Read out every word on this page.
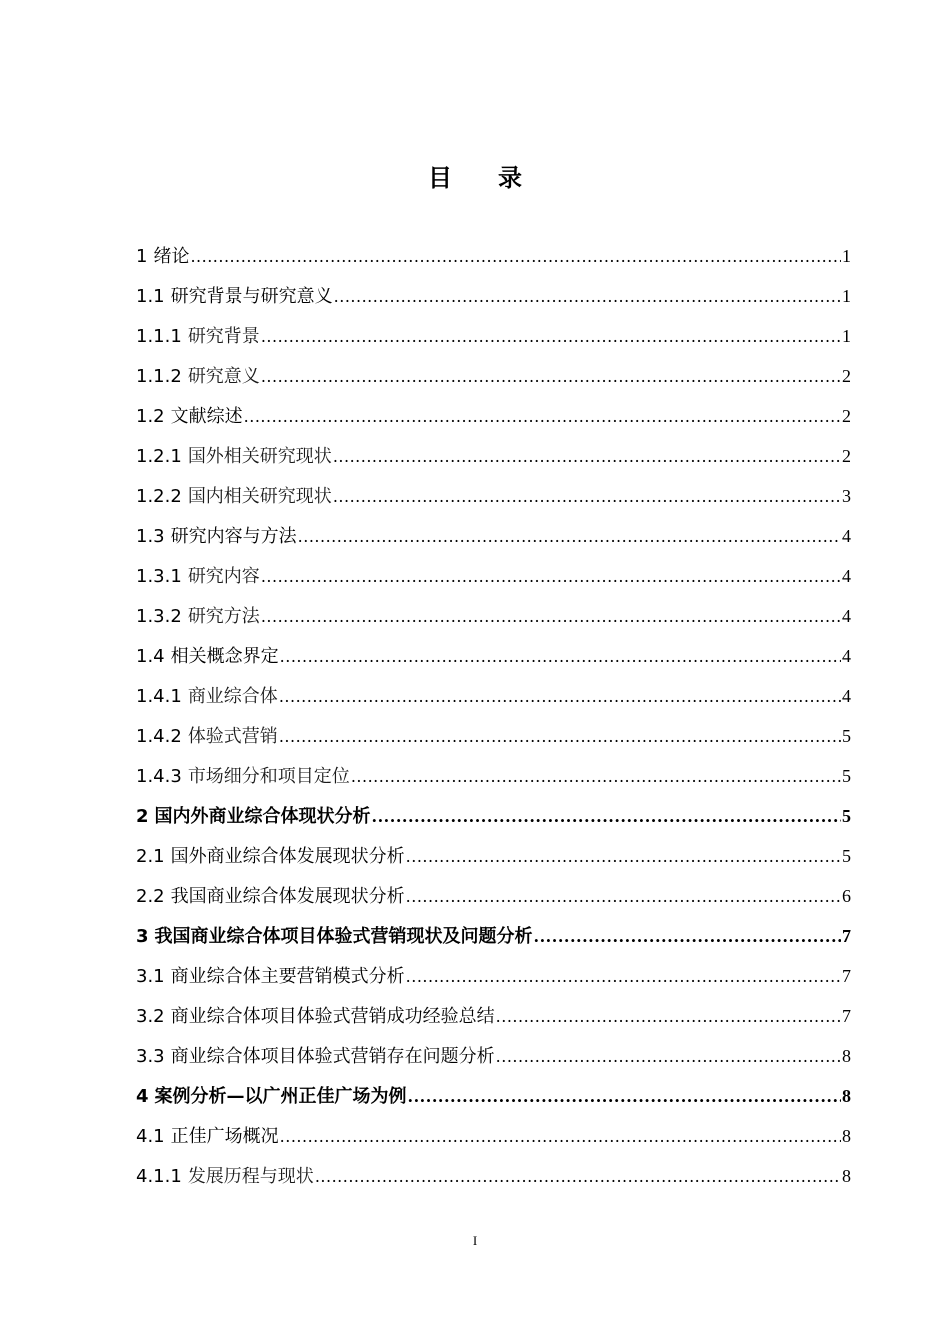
目 录
1 绪论 .....	1
1.1 研究背景与研究意义 .....	1
1.1.1 研究背景 .....	1
1.1.2 研究意义 .....	2
1.2 文献综述 .....	2
1.2.1 国外相关研究现状 .....	2
1.2.2 国内相关研究现状 .....	3
1.3 研究内容与方法 .....	4
1.3.1 研究内容 .....	4
1.3.2 研究方法 .....	4
1.4 相关概念界定 .....	4
1.4.1 商业综合体 .....	4
1.4.2 体验式营销 .....	5
1.4.3 市场细分和项目定位 .....	5
2 国内外商业综合体现状分析 .....	5
2.1 国外商业综合体发展现状分析 .....	5
2.2 我国商业综合体发展现状分析 .....	6
3 我国商业综合体项目体验式营销现状及问题分析 .....	7
3.1 商业综合体主要营销模式分析 .....	7
3.2 商业综合体项目体验式营销成功经验总结 .....	7
3.3 商业综合体项目体验式营销存在问题分析 .....	8
4 案例分析—以广州正佳广场为例 .....	8
4.1 正佳广场概况 .....	8
4.1.1 发展历程与现状 .....	8
I
